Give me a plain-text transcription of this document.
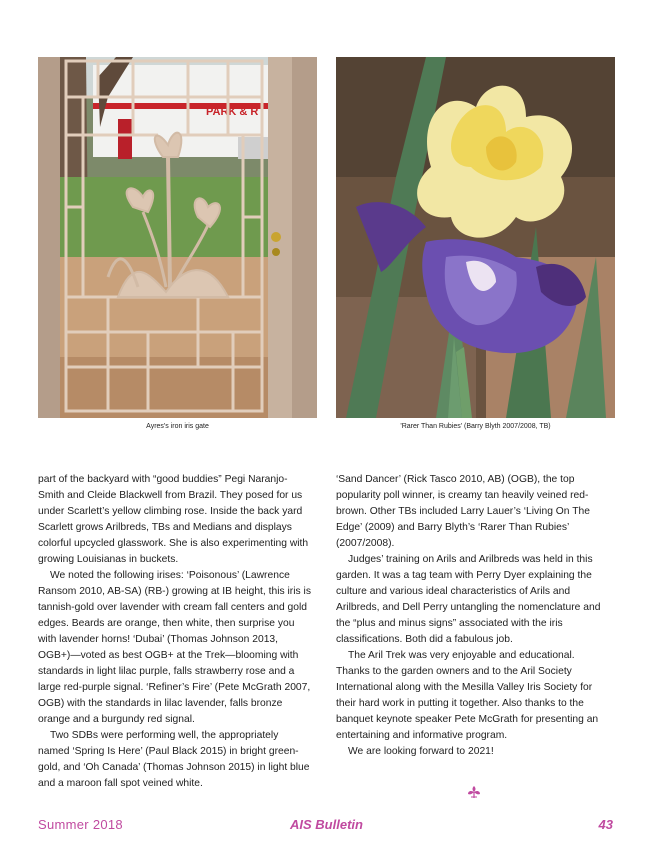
PARK & R
Ayres's iron iris gate	'Rarer Than Rubies' (Barry Blyth 2007/2008, TB)

part of the backyard with “good buddies” Pegi Naranjo-Smith and Cleide Blackwell from Brazil. They posed for us under Scarlett’s yellow climbing rose. Inside the back yard Scarlett grows Arilbreds, TBs and Medians and displays colorful upcycled glasswork. She is also experimenting with growing Louisianas in buckets.

We noted the following irises: ‘Poisonous’ (Lawrence Ransom 2010, AB-SA) (RB-) growing at IB height, this iris is tannish-gold over lavender with cream fall centers and gold edges. Beards are orange, then white, then surprise you with lavender horns! ‘Dubai’ (Thomas Johnson 2013, OGB+)—voted as best OGB+ at the Trek—blooming with standards in light lilac purple, falls strawberry rose and a large red-purple signal. ‘Refiner’s Fire’ (Pete McGrath 2007, OGB) with the standards in lilac lavender, falls bronze orange and a burgundy red signal.

Two SDBs were performing well, the appropriately named ‘Spring Is Here’ (Paul Black 2015) in bright green-gold, and ‘Oh Canada’ (Thomas Johnson 2015) in light blue and a maroon fall spot veined white.

‘Sand Dancer’ (Rick Tasco 2010, AB) (OGB), the top popularity poll winner, is creamy tan heavily veined red-brown. Other TBs included Larry Lauer’s ‘Living On The Edge’ (2009) and Barry Blyth’s ‘Rarer Than Rubies’ (2007/2008).

Judges’ training on Arils and Arilbreds was held in this garden. It was a tag team with Perry Dyer explaining the culture and various ideal characteristics of Arils and Arilbreds, and Dell Perry untangling the nomenclature and the “plus and minus signs” associated with the iris classifications. Both did a fabulous job.

The Aril Trek was very enjoyable and educational. Thanks to the garden owners and to the Aril Society International along with the Mesilla Valley Iris Society for their hard work in putting it together. Also thanks to the banquet keynote speaker Pete McGrath for presenting an entertaining and informative program.

We are looking forward to 2021!

Summer 2018	AIS Bulletin	43
